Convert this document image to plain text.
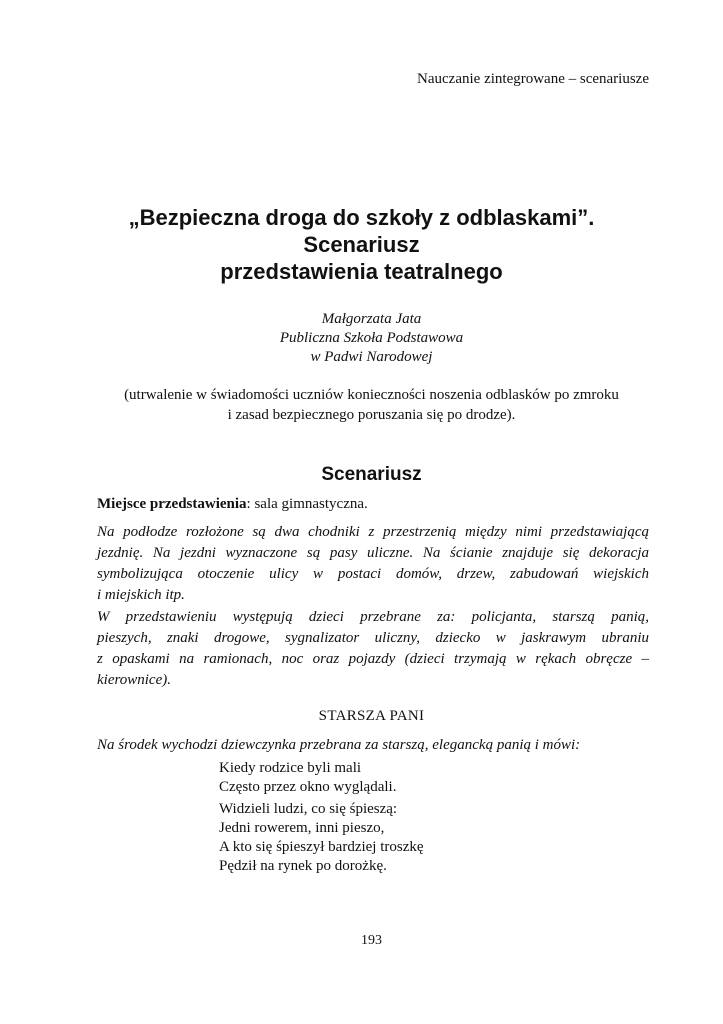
Nauczanie zintegrowane – scenariusze
„Bezpieczna droga do szkoły z odblaskami”.
Scenariusz
przedstawienia teatralnego
Małgorzata Jata
Publiczna Szkoła Podstawowa
w Padwi Narodowej
(utrwalenie w świadomości uczniów konieczności noszenia odblasków po zmroku
i zasad bezpiecznego poruszania się po drodze).
Scenariusz
Miejsce przedstawienia: sala gimnastyczna.
Na podłodze rozłożone są dwa chodniki z przestrzenią między nimi przedstawiającą
jezdnię. Na jezdni wyznaczone są pasy uliczne. Na ścianie znajduje się dekoracja
symbolizująca otoczenie ulicy w postaci domów, drzew, zabudowań wiejskich
i miejskich itp.
W przedstawieniu występują dzieci przebrane za: policjanta, starszą panią,
pieszych, znaki drogowe, sygnalizator uliczny, dziecko w jaskrawym ubraniu
z opaskami na ramionach, noc oraz pojazdy (dzieci trzymają w rękach obręcze –
kierownice).
STARSZA PANI
Na środek wychodzi dziewczynka przebrana za starszą, elegancką panią i mówi:
Kiedy rodzice byli mali
Często przez okno wyglądali.
Widzieli ludzi, co się śpieszą:
Jedni rowerem, inni pieszo,
A kto się śpieszył bardziej troszkę
Pędził na rynek po dorożkę.
193
